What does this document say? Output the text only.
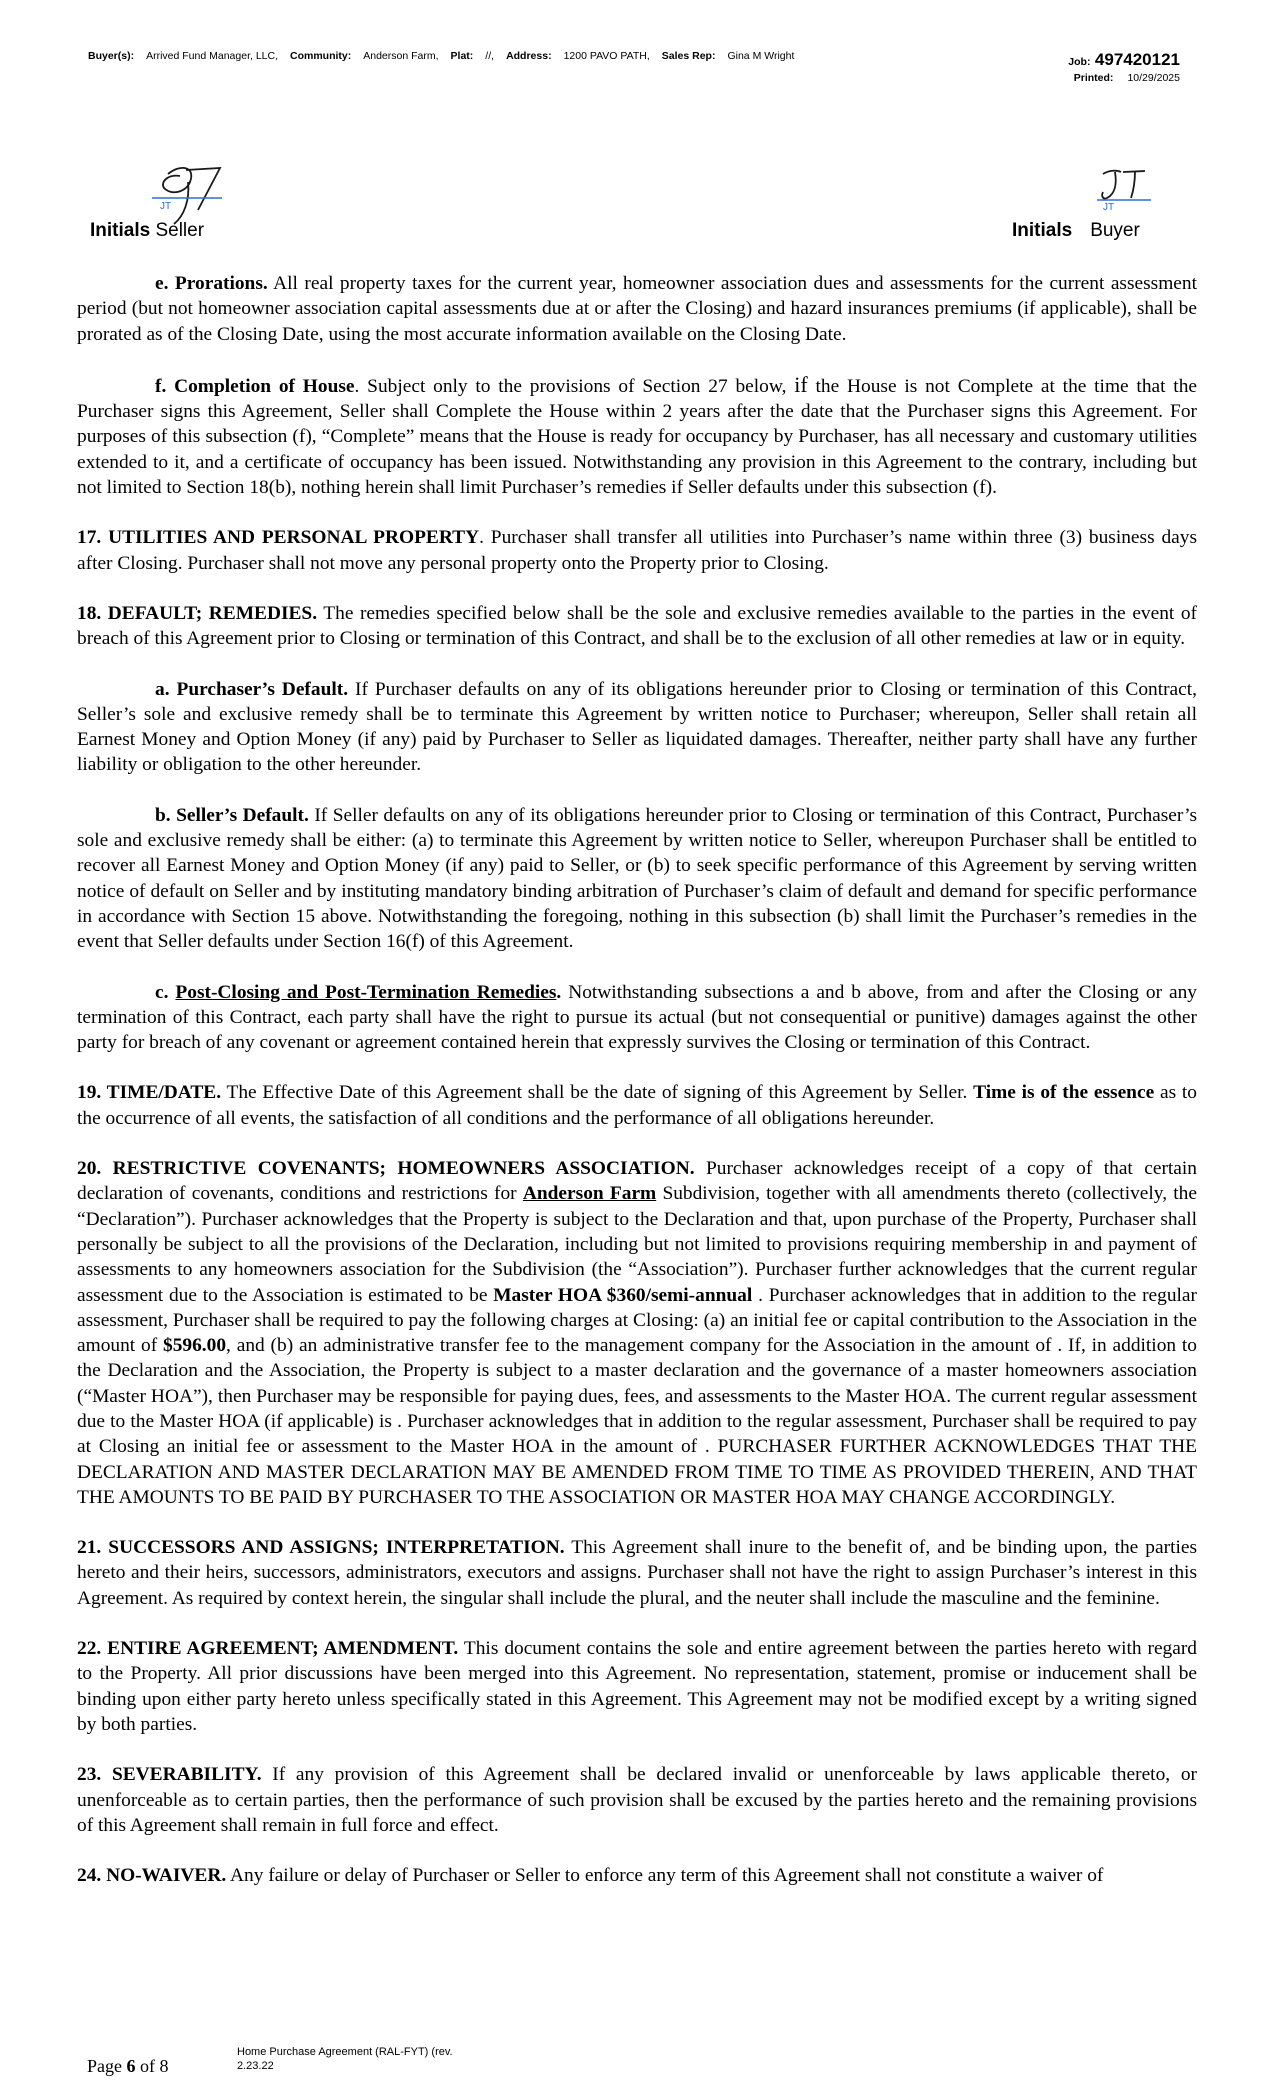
Buyer(s): Arrived Fund Manager, LLC, Community: Anderson Farm, Plat: //, Address: 1200 PAVO PATH, Sales Rep: Gina M Wright	Job: 497420121
Printed: 10/29/2025
JT	JT
Initials Seller	Initials Buyer

e. Prorations. All real property taxes for the current year, homeowner association dues and assessments for the current assessment period (but not homeowner association capital assessments due at or after the Closing) and hazard insurances premiums (if applicable), shall be prorated as of the Closing Date, using the most accurate information available on the Closing Date.

f. Completion of House. Subject only to the provisions of Section 27 below, if the House is not Complete at the time that the Purchaser signs this Agreement, Seller shall Complete the House within 2 years after the date that the Purchaser signs this Agreement. For purposes of this subsection (f), “Complete” means that the House is ready for occupancy by Purchaser, has all necessary and customary utilities extended to it, and a certificate of occupancy has been issued. Notwithstanding any provision in this Agreement to the contrary, including but not limited to Section 18(b), nothing herein shall limit Purchaser’s remedies if Seller defaults under this subsection (f).

17. UTILITIES AND PERSONAL PROPERTY. Purchaser shall transfer all utilities into Purchaser’s name within three (3) business days after Closing. Purchaser shall not move any personal property onto the Property prior to Closing.

18. DEFAULT; REMEDIES. The remedies specified below shall be the sole and exclusive remedies available to the parties in the event of breach of this Agreement prior to Closing or termination of this Contract, and shall be to the exclusion of all other remedies at law or in equity.

a. Purchaser’s Default. If Purchaser defaults on any of its obligations hereunder prior to Closing or termination of this Contract, Seller’s sole and exclusive remedy shall be to terminate this Agreement by written notice to Purchaser; whereupon, Seller shall retain all Earnest Money and Option Money (if any) paid by Purchaser to Seller as liquidated damages. Thereafter, neither party shall have any further liability or obligation to the other hereunder.

b. Seller’s Default. If Seller defaults on any of its obligations hereunder prior to Closing or termination of this Contract, Purchaser’s sole and exclusive remedy shall be either: (a) to terminate this Agreement by written notice to Seller, whereupon Purchaser shall be entitled to recover all Earnest Money and Option Money (if any) paid to Seller, or (b) to seek specific performance of this Agreement by serving written notice of default on Seller and by instituting mandatory binding arbitration of Purchaser’s claim of default and demand for specific performance in accordance with Section 15 above. Notwithstanding the foregoing, nothing in this subsection (b) shall limit the Purchaser’s remedies in the event that Seller defaults under Section 16(f) of this Agreement.

c. Post-Closing and Post-Termination Remedies. Notwithstanding subsections a and b above, from and after the Closing or any termination of this Contract, each party shall have the right to pursue its actual (but not consequential or punitive) damages against the other party for breach of any covenant or agreement contained herein that expressly survives the Closing or termination of this Contract.

19. TIME/DATE. The Effective Date of this Agreement shall be the date of signing of this Agreement by Seller. Time is of the essence as to the occurrence of all events, the satisfaction of all conditions and the performance of all obligations hereunder.

20. RESTRICTIVE COVENANTS; HOMEOWNERS ASSOCIATION. Purchaser acknowledges receipt of a copy of that certain declaration of covenants, conditions and restrictions for Anderson Farm Subdivision, together with all amendments thereto (collectively, the “Declaration”). Purchaser acknowledges that the Property is subject to the Declaration and that, upon purchase of the Property, Purchaser shall personally be subject to all the provisions of the Declaration, including but not limited to provisions requiring membership in and payment of assessments to any homeowners association for the Subdivision (the “Association”). Purchaser further acknowledges that the current regular assessment due to the Association is estimated to be Master HOA $360/semi-annual . Purchaser acknowledges that in addition to the regular assessment, Purchaser shall be required to pay the following charges at Closing: (a) an initial fee or capital contribution to the Association in the amount of $596.00, and (b) an administrative transfer fee to the management company for the Association in the amount of . If, in addition to the Declaration and the Association, the Property is subject to a master declaration and the governance of a master homeowners association (“Master HOA”), then Purchaser may be responsible for paying dues, fees, and assessments to the Master HOA. The current regular assessment due to the Master HOA (if applicable) is . Purchaser acknowledges that in addition to the regular assessment, Purchaser shall be required to pay at Closing an initial fee or assessment to the Master HOA in the amount of . PURCHASER FURTHER ACKNOWLEDGES THAT THE DECLARATION AND MASTER DECLARATION MAY BE AMENDED FROM TIME TO TIME AS PROVIDED THEREIN, AND THAT THE AMOUNTS TO BE PAID BY PURCHASER TO THE ASSOCIATION OR MASTER HOA MAY CHANGE ACCORDINGLY.

21. SUCCESSORS AND ASSIGNS; INTERPRETATION. This Agreement shall inure to the benefit of, and be binding upon, the parties hereto and their heirs, successors, administrators, executors and assigns. Purchaser shall not have the right to assign Purchaser’s interest in this Agreement. As required by context herein, the singular shall include the plural, and the neuter shall include the masculine and the feminine.

22. ENTIRE AGREEMENT; AMENDMENT. This document contains the sole and entire agreement between the parties hereto with regard to the Property. All prior discussions have been merged into this Agreement. No representation, statement, promise or inducement shall be binding upon either party hereto unless specifically stated in this Agreement. This Agreement may not be modified except by a writing signed by both parties.

23. SEVERABILITY. If any provision of this Agreement shall be declared invalid or unenforceable by laws applicable thereto, or unenforceable as to certain parties, then the performance of such provision shall be excused by the parties hereto and the remaining provisions of this Agreement shall remain in full force and effect.

24. NO-WAIVER. Any failure or delay of Purchaser or Seller to enforce any term of this Agreement shall not constitute a waiver of

Page 6 of 8
Home Purchase Agreement (RAL-FYT) (rev. 2.23.22
